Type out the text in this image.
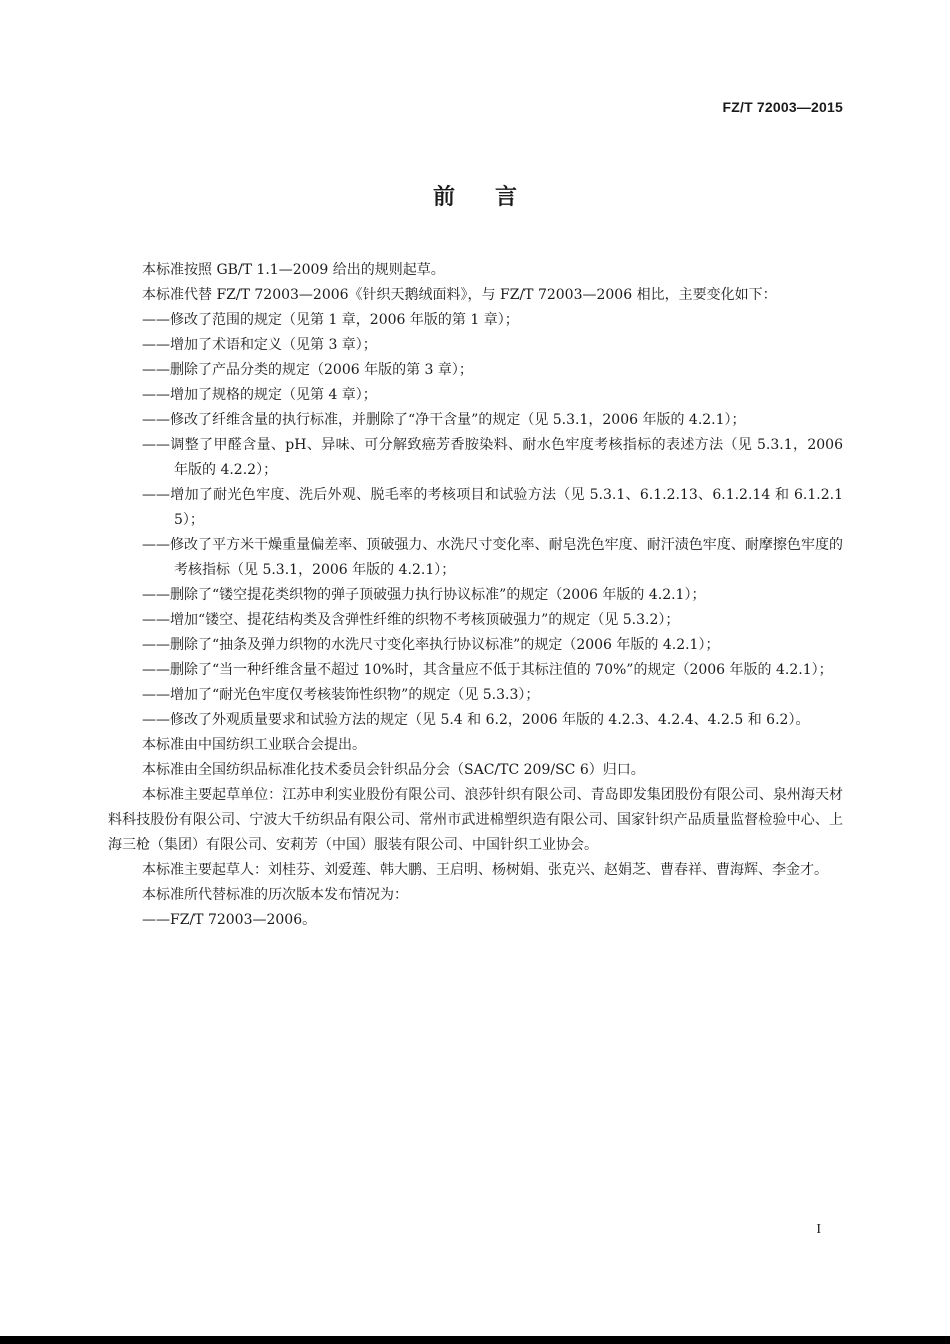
FZ/T 72003—2015
前言

本标准按照 GB/T 1.1—2009 给出的规则起草。

本标准代替 FZ/T 72003—2006《针织天鹅绒面料》，与 FZ/T 72003—2006 相比，主要变化如下：

——修改了范围的规定（见第 1 章，2006 年版的第 1 章）；

——增加了术语和定义（见第 3 章）；

——删除了产品分类的规定（2006 年版的第 3 章）；

——增加了规格的规定（见第 4 章）；

——修改了纤维含量的执行标准，并删除了“净干含量”的规定（见 5.3.1，2006 年版的 4.2.1）；

——调整了甲醛含量、pH、异味、可分解致癌芳香胺染料、耐水色牢度考核指标的表述方法（见 5.3.1，2006 年版的 4.2.2）；

——增加了耐光色牢度、洗后外观、脱毛率的考核项目和试验方法（见 5.3.1、6.1.2.13、6.1.2.14 和 6.1.2.15）；

——修改了平方米干燥重量偏差率、顶破强力、水洗尺寸变化率、耐皂洗色牢度、耐汗渍色牢度、耐摩擦色牢度的考核指标（见 5.3.1，2006 年版的 4.2.1）；

——删除了“镂空提花类织物的弹子顶破强力执行协议标准”的规定（2006 年版的 4.2.1）；

——增加“镂空、提花结构类及含弹性纤维的织物不考核顶破强力”的规定（见 5.3.2）；

——删除了“抽条及弹力织物的水洗尺寸变化率执行协议标准”的规定（2006 年版的 4.2.1）；

——删除了“当一种纤维含量不超过 10%时，其含量应不低于其标注值的 70%”的规定（2006 年版的 4.2.1）；

——增加了“耐光色牢度仅考核装饰性织物”的规定（见 5.3.3）；

——修改了外观质量要求和试验方法的规定（见 5.4 和 6.2，2006 年版的 4.2.3、4.2.4、4.2.5 和 6.2）。

本标准由中国纺织工业联合会提出。

本标准由全国纺织品标准化技术委员会针织品分会（SAC/TC 209/SC 6）归口。

本标准主要起草单位：江苏申利实业股份有限公司、浪莎针织有限公司、青岛即发集团股份有限公司、泉州海天材料科技股份有限公司、宁波大千纺织品有限公司、常州市武进棉塑织造有限公司、国家针织产品质量监督检验中心、上海三枪（集团）有限公司、安莉芳（中国）服装有限公司、中国针织工业协会。

本标准主要起草人：刘桂芬、刘爱莲、韩大鹏、王启明、杨树娟、张克兴、赵娟芝、曹春祥、曹海辉、李金才。

本标准所代替标准的历次版本发布情况为：

——FZ/T 72003—2006。

I
